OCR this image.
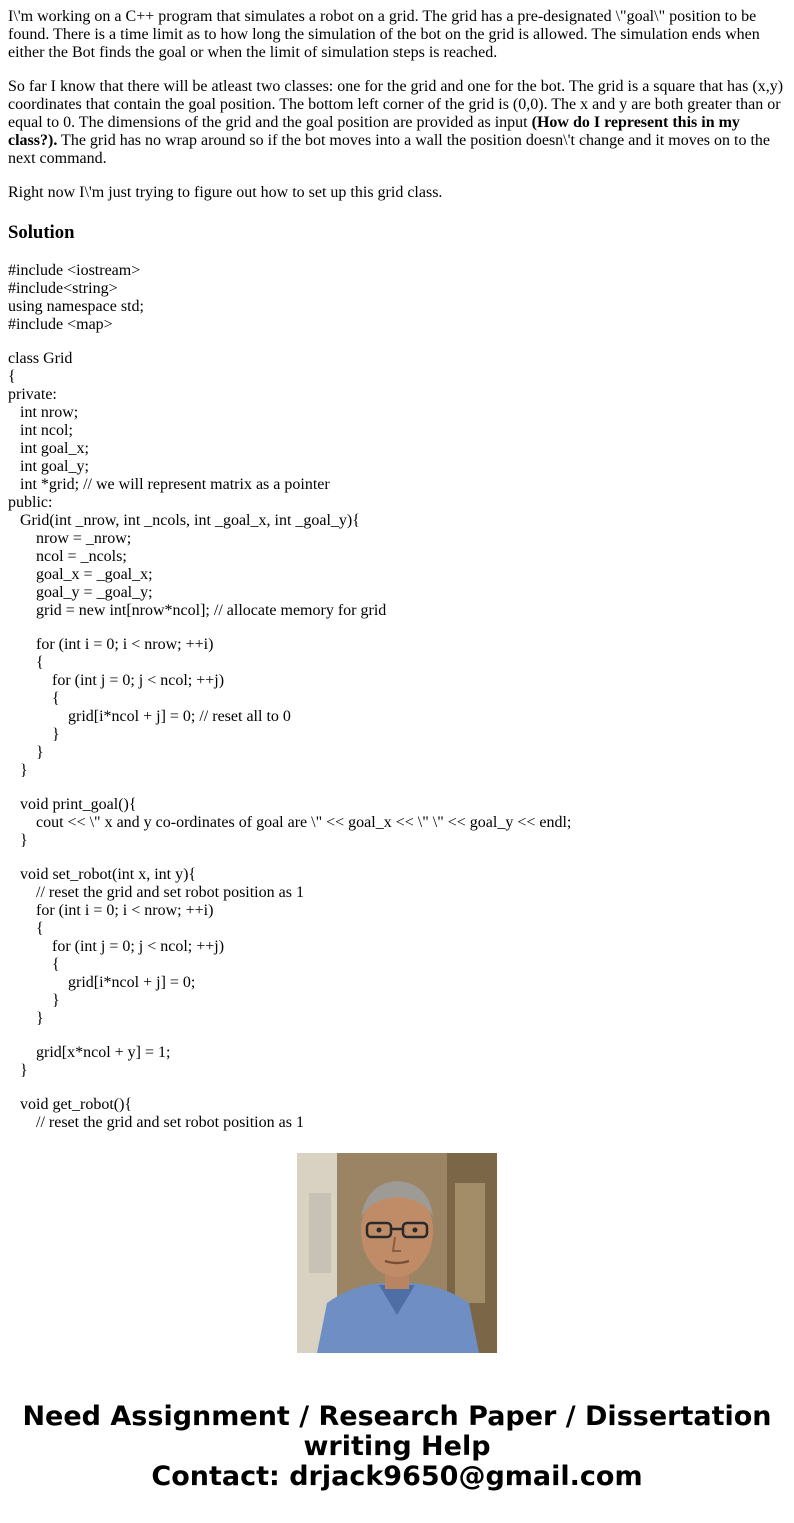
I\'m working on a C++ program that simulates a robot on a grid. The grid has a pre-designated \"goal\" position to be found. There is a time limit as to how long the simulation of the bot on the grid is allowed. The simulation ends when either the Bot finds the goal or when the limit of simulation steps is reached.

So far I know that there will be atleast two classes: one for the grid and one for the bot. The grid is a square that has (x,y) coordinates that contain the goal position. The bottom left corner of the grid is (0,0). The x and y are both greater than or equal to 0. The dimensions of the grid and the goal position are provided as input (How do I represent this in my class?). The grid has no wrap around so if the bot moves into a wall the position doesn\'t change and it moves on to the next command.

Right now I\'m just trying to figure out how to set up this grid class.

Solution
#include <iostream>
#include<string>
using namespace std;
#include <map>
class Grid
{
private:
int nrow;
int ncol;
int goal_x;
int goal_y;
int *grid; // we will represent matrix as a pointer
public:
Grid(int _nrow, int _ncols, int _goal_x, int _goal_y){
nrow = _nrow;
ncol = _ncols;
goal_x = _goal_x;
goal_y = _goal_y;
grid = new int[nrow*ncol]; // allocate memory for grid
for (int i = 0; i < nrow; ++i)
{
for (int j = 0; j < ncol; ++j)
{
grid[i*ncol + j] = 0; // reset all to 0
}
}
}
void print_goal(){
cout << \" x and y co-ordinates of goal are \" << goal_x << \" \" << goal_y << endl;
}
void set_robot(int x, int y){
// reset the grid and set robot position as 1
for (int i = 0; i < nrow; ++i)
{
for (int j = 0; j < ncol; ++j)
{
grid[i*ncol + j] = 0;
}
}
grid[x*ncol + y] = 1;
}
void get_robot(){
// reset the grid and set robot position as 1
Need Assignment / Research Paper / Dissertation
writing Help
Contact: drjack9650@gmail.com
